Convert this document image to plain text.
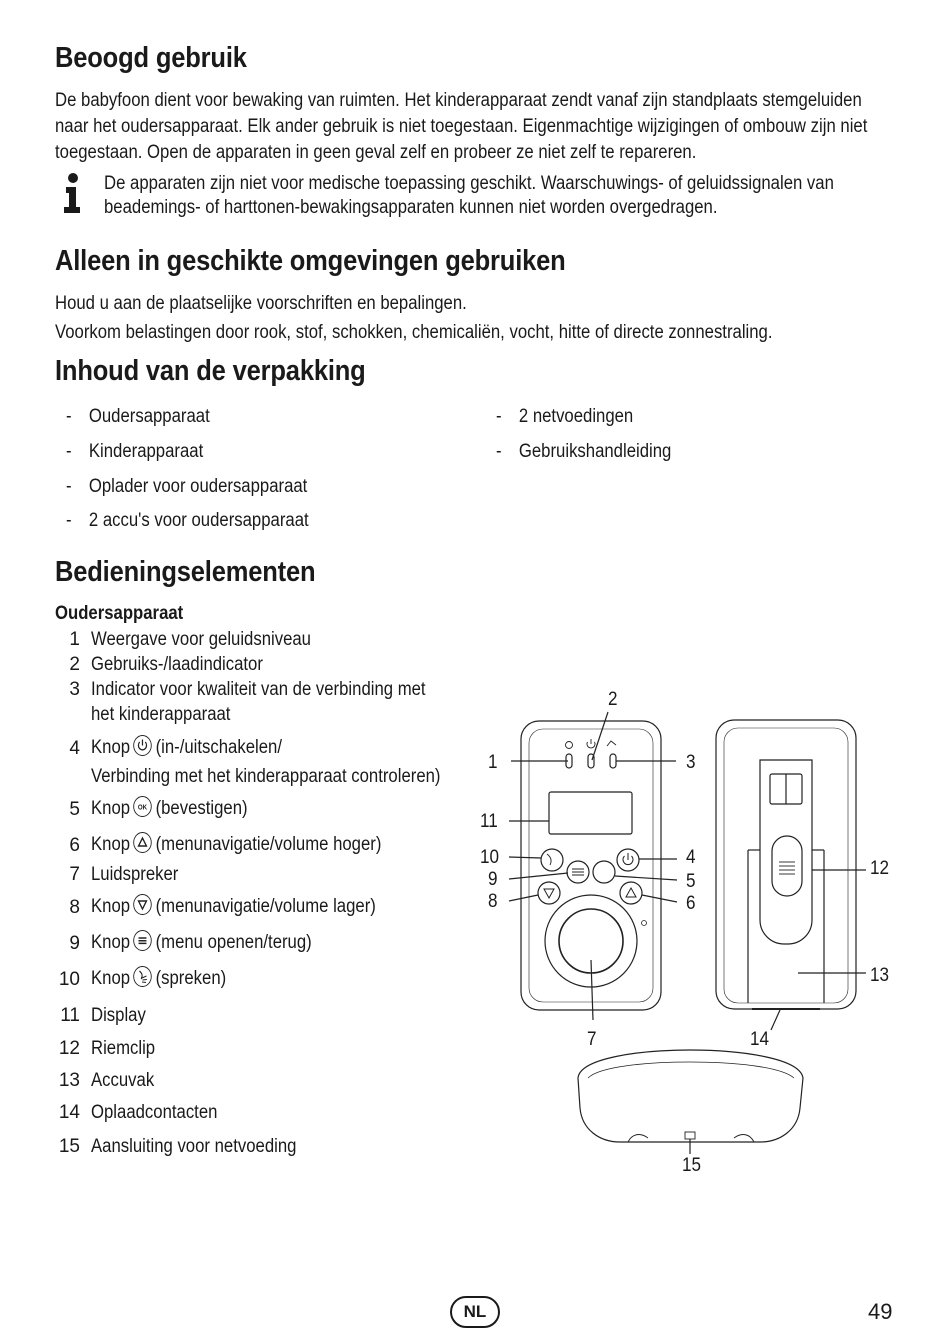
Beoogd gebruik
De babyfoon dient voor bewaking van ruimten. Het kinderapparaat zendt vanaf zijn standplaats stemgeluiden
naar het oudersapparaat. Elk ander gebruik is niet toegestaan. Eigenmachtige wijzigingen of ombouw zijn niet
toegestaan. Open de apparaten in geen geval zelf en probeer ze niet zelf te repareren.
De apparaten zijn niet voor medische toepassing geschikt. Waarschuwings- of geluidssignalen van
beademings- of harttonen-bewakingsapparaten kunnen niet worden overgedragen.
Alleen in geschikte omgevingen gebruiken
Houd u aan de plaatselijke voorschriften en bepalingen.
Voorkom belastingen door rook, stof, schokken, chemicaliën, vocht, hitte of directe zonnestraling.
Inhoud van de verpakking
- Oudersapparaat
- Kinderapparaat
- Oplader voor oudersapparaat
- 2 accu's voor oudersapparaat
- 2 netvoedingen
- Gebruikshandleiding
Bedieningselementen
Oudersapparaat
1 Weergave voor geluidsniveau
2 Gebruiks-/laadindicator
3 Indicator voor kwaliteit van de verbinding met
het kinderapparaat
4 Knop (in-/uitschakelen/
Verbinding met het kinderapparaat controleren)
5 Knop OK (bevestigen)
6 Knop (menunavigatie/volume hoger)
7 Luidspreker
8 Knop (menunavigatie/volume lager)
9 Knop (menu openen/terug)
10 Knop (spreken)
11 Display
12 Riemclip
13 Accuvak
14 Oplaadcontacten
15 Aansluiting voor netvoeding
1
2
3
11
10
9
8
4
5
6
7
12
13
14
15
NL	49
